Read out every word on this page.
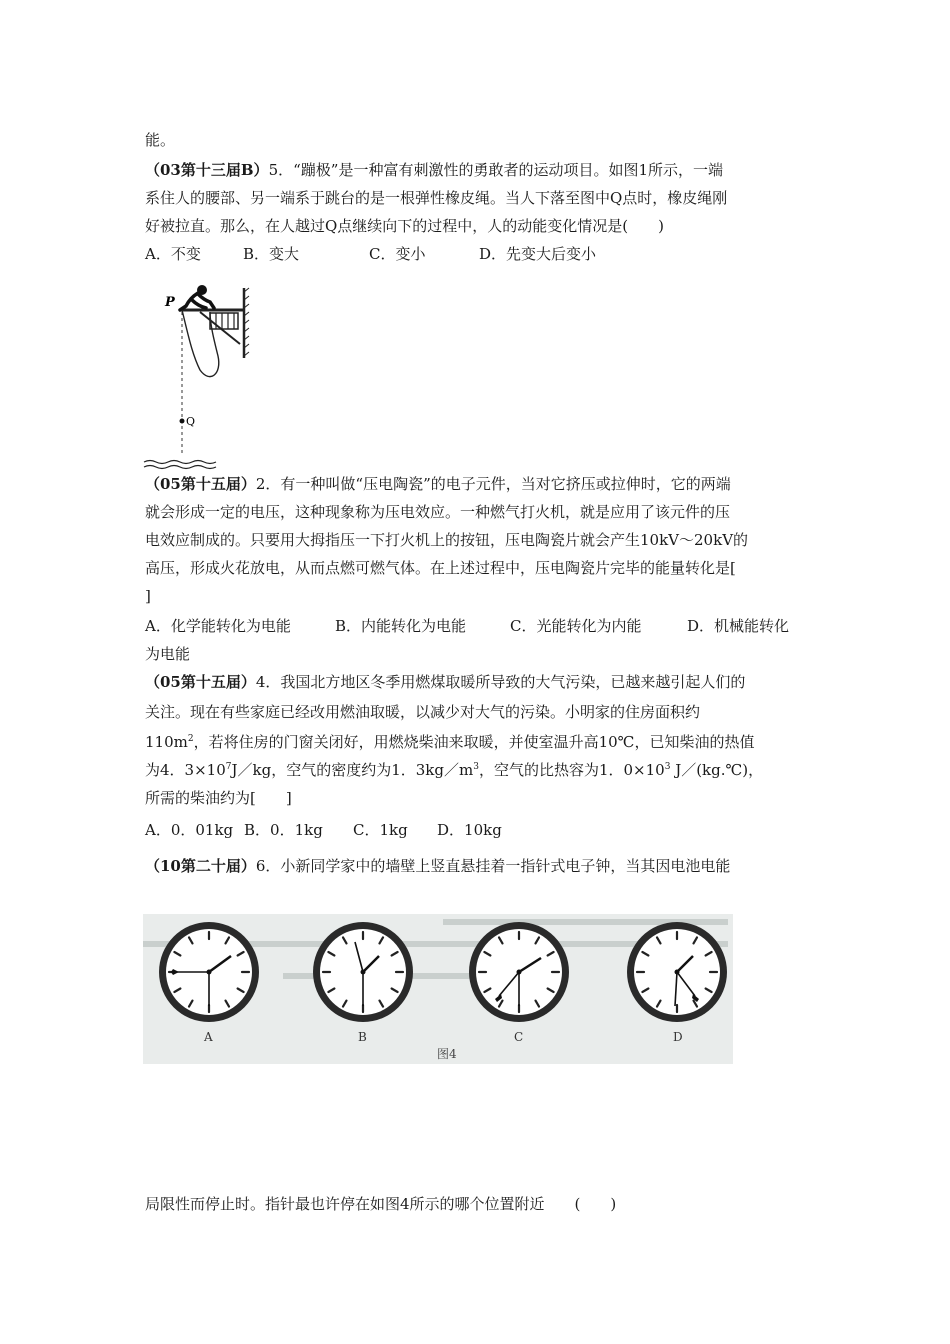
能。
（03第十三届B）5．“蹦极”是一种富有刺激性的勇敢者的运动项目。如图1所示，一端
系住人的腰部、另一端系于跳台的是一根弹性橡皮绳。当人下落至图中Q点时，橡皮绳刚
好被拉直。那么，在人越过Q点继续向下的过程中，人的动能变化情况是(　　)
A．不变	B．变大	C．变小	D．先变大后变小
P
Q
（05第十五届）2．有一种叫做“压电陶瓷”的电子元件，当对它挤压或拉伸时，它的两端
就会形成一定的电压，这种现象称为压电效应。一种燃气打火机，就是应用了该元件的压
电效应制成的。只要用大拇指压一下打火机上的按钮，压电陶瓷片就会产生10kV～20kV的
高压，形成火花放电，从而点燃可燃气体。在上述过程中，压电陶瓷片完毕的能量转化是[
]
A．化学能转化为电能	B．内能转化为电能	C．光能转化为内能	D．机械能转化
为电能
（05第十五届）4．我国北方地区冬季用燃煤取暖所导致的大气污染，已越来越引起人们的
关注。现在有些家庭已经改用燃油取暖，以减少对大气的污染。小明家的住房面积约
$110m^2$，若将住房的门窗关闭好，用燃烧柴油来取暖，并使室温升高10℃，已知柴油的热值
为4．$3\times 10^7J/kg$，空气的密度约为1．$3kg/m^3$，空气的比热容为1．$0\times 10^3$ J／(kg.℃)，
所需的柴油约为[　　]
A．0．01kg B．0．1kg C．1kg D．10kg
（10第二十届）6．小新同学家中的墙壁上竖直悬挂着一指针式电子钟，当其因电池电能
A	B	C	D
图4
局限性而停止时。指针最也许停在如图4所示的哪个位置附近　　(　　)
